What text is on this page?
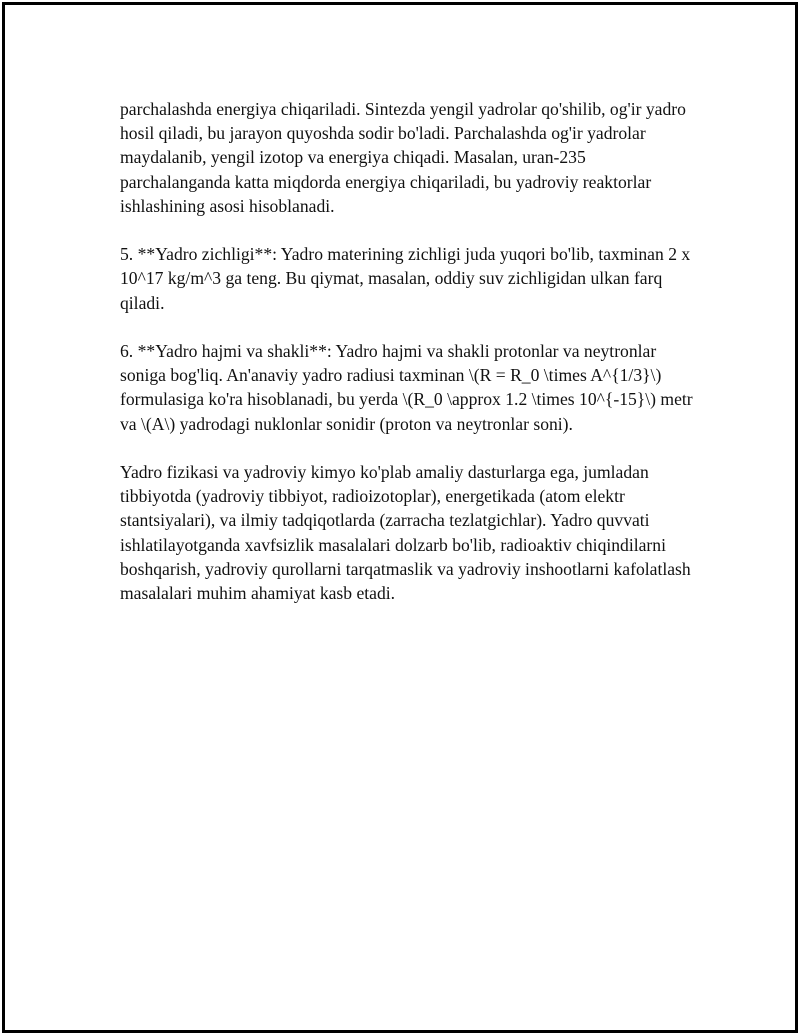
parchalashda energiya chiqariladi. Sintezda yengil yadrolar qo'shilib, og'ir yadro hosil qiladi, bu jarayon quyoshda sodir bo'ladi. Parchalashda og'ir yadrolar maydalanib, yengil izotop va energiya chiqadi. Masalan, uran-235 parchalanganda katta miqdorda energiya chiqariladi, bu yadroviy reaktorlar ishlashining asosi hisoblanadi.

5. **Yadro zichligi**: Yadro materining zichligi juda yuqori bo'lib, taxminan 2 x 10^17 kg/m^3 ga teng. Bu qiymat, masalan, oddiy suv zichligidan ulkan farq qiladi.

6. **Yadro hajmi va shakli**: Yadro hajmi va shakli protonlar va neytronlar soniga bog'liq. An'anaviy yadro radiusi taxminan \(R = R_0 \times A^{1/3}\) formulasiga ko'ra hisoblanadi, bu yerda \(R_0 \approx 1.2 \times 10^{-15}\) metr va \(A\) yadrodagi nuklonlar sonidir (proton va neytronlar soni).

Yadro fizikasi va yadroviy kimyo ko'plab amaliy dasturlarga ega, jumladan tibbiyotda (yadroviy tibbiyot, radioizotoplar), energetikada (atom elektr stantsiyalari), va ilmiy tadqiqotlarda (zarracha tezlatgichlar). Yadro quvvati ishlatilayotganda xavfsizlik masalalari dolzarb bo'lib, radioaktiv chiqindilarni boshqarish, yadroviy qurollarni tarqatmaslik va yadroviy inshootlarni kafolatlash masalalari muhim ahamiyat kasb etadi.
